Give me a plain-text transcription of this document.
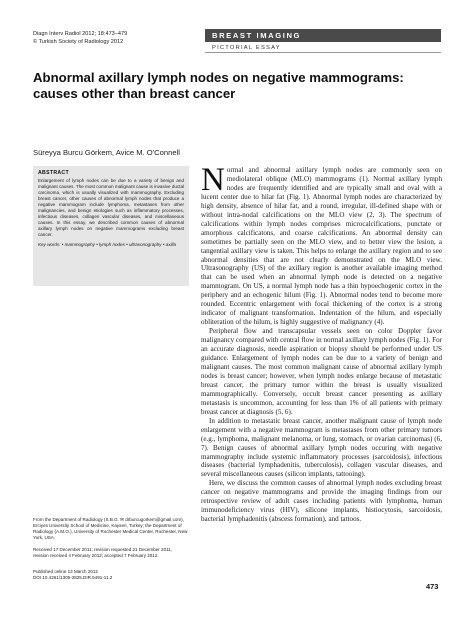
Diagn Interv Radiol 2012; 18:473–479
© Turkish Society of Radiology 2012
BREAST IMAGING
PICTORIAL ESSAY
Abnormal axillary lymph nodes on negative mammograms: causes other than breast cancer
Süreyya Burcu Görkem, Avice M. O'Connell
ABSTRACT
Enlargement of lymph nodes can be due to a variety of benign and malignant causes. The most common malignant cause is invasive ductal carcinoma, which is usually visualized with mammography. Excluding breast cancer, other causes of abnormal lymph nodes that produce a negative mammogram include lymphoma, metastases from other malignancies, and benign etiologies such as inflammatory processes, infectious diseases, collagen vascular diseases, and miscellaneous causes. In this essay, we described common causes of abnormal axillary lymph nodes on negative mammograms excluding breast cancer.
Key words: • mammography • lymph nodes • ultrasonography • axilla
From the Department of Radiology (S.B.G. ✉ drburcugorkem@gmail.com), Erciyes University School of Medicine, Kayseri, Turkey; the Department of Radiology (A.M.O.), University of Rochester Medical Center, Rochester, New York, USA.
Received 17 December 2011; revision requested 21 December 2011, revision received 4 February 2012; accepted 7 February 2012.
Published online 13 March 2012
DOI 10.4261/1305-3825.DIR.5491-11.2

Normal and abnormal axillary lymph nodes are commonly seen on mediolateral oblique (MLO) mammograms (1). Normal axillary lymph nodes are frequently identified and are typically small and oval with a lucent center due to hilar fat (Fig. 1). Abnormal lymph nodes are characterized by high density, absence of hilar fat, and a round, irregular, ill-defined shape with or without intra-nodal calcifications on the MLO view (2, 3). The spectrum of calcifications within lymph nodes comprises microcalcifications, punctate or amorphous calcificatons, and coarse calcifications. An abnormal density can sometimes be partially seen on the MLO view, and to better view the lesion, a tangential axillary view is taken. This helps to enlarge the axillary region and to see abnormal densities that are not clearly demonstrated on the MLO view. Ultrasonography (US) of the axillary region is another available imaging method that can be used when an abnormal lymph node is detected on a negative mammogram. On US, a normal lymph node has a thin hypoechogenic cortex in the periphery and an echogenic hilum (Fig. 1). Abnormal nodes tend to become more rounded. Eccentric enlargement with focal thickening of the cortex is a strong indicator of malignant transformation. Indentation of the hilum, and especially obliteration of the hilum, is highly suggestive of malignancy (4).

Peripheral flow and transcapsular vessels seen on color Doppler favor malignancy compared with central flow in normal axillary lymph nodes (Fig. 1). For an accurate diagnosis, needle aspiration or biopsy should be performed under US guidance. Enlargement of lymph nodes can be due to a variety of benign and malignant causes. The most common malignant cause of abnormal axillary lymph nodes is breast cancer; however, when lymph nodes enlarge because of metastatic breast cancer, the primary tumor within the breast is usually visualized mammographically. Conversely, occult breast cancer presenting as axillary metastasis is uncommon, accounting for less than 1% of all patients with primary breast cancer at diagnosis (5, 6).

In addition to metastatic breast cancer, another malignant cause of lymph node enlargement with a negative mammogram is metastases from other primary tumors (e.g., lymphoma, malignant melanoma, or lung, stomach, or ovarian carcinomas) (6, 7). Benign causes of abnormal axillary lymph nodes occuring with negative mammography include systemic inflammatory processes (sarcoidosis), infectious diseases (bacterial lymphadenitis, tuberculosis), collagen vascular diseases, and several miscellaneous causes (silicon implants, tattooing).

Here, we discuss the common causes of abnormal lymph nodes excluding breast cancer on negative mammograms and provide the imaging findings from our retrospective review of adult cases including patients with lymphoma, human immunodeficiency virus (HIV), silicone implants, histiocytosis, sarcoidosis, bacterial lymphadenitis (abscess formation), and tattoos.

473
